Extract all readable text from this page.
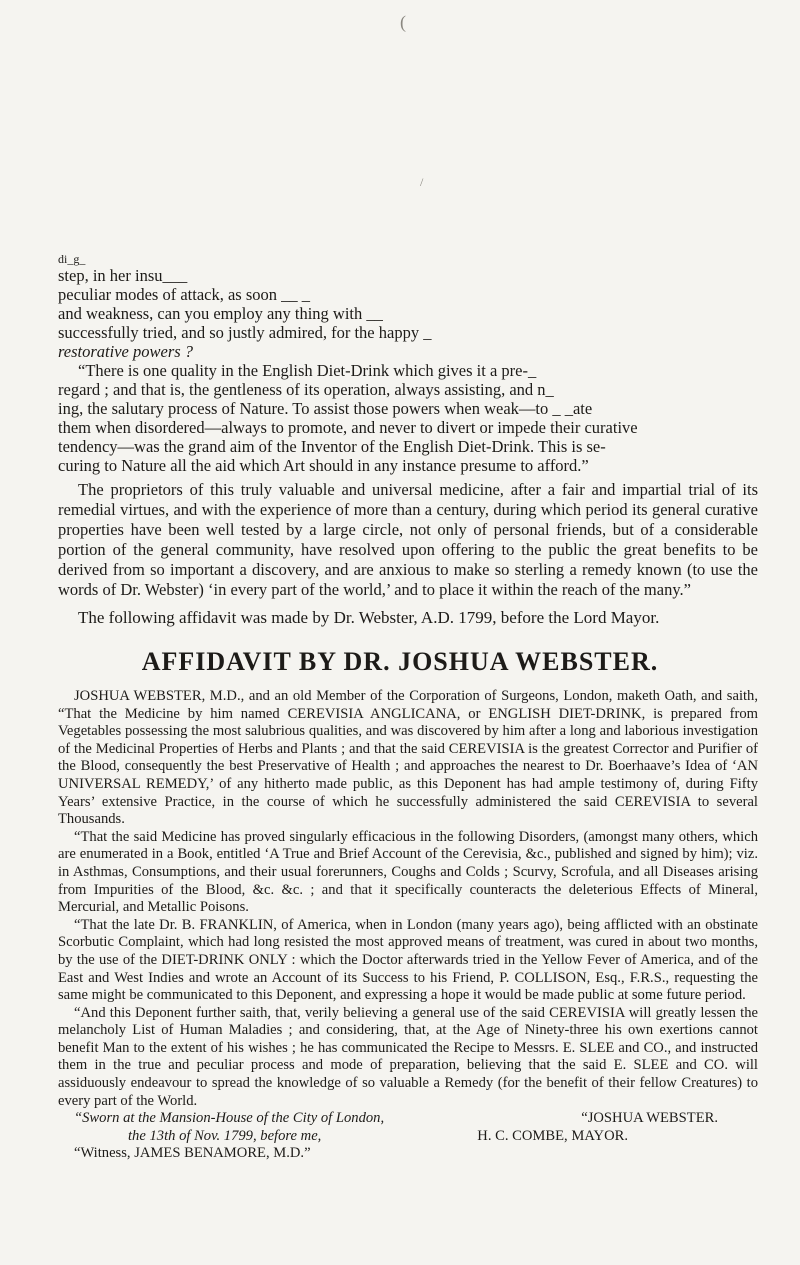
(
/

di_g_

step, in her insu___

peculiar modes of attack, as soon __ _

and weakness, can you employ any thing with __

successfully tried, and so justly admired, for the happy _

restorative powers ?

“There is one quality in the English Diet-Drink which gives it a pre-_

regard ; and that is, the gentleness of its operation, always assisting, and n_

ing, the salutary process of Nature. To assist those powers when weak—to _ _ate

them when disordered—always to promote, and never to divert or impede their curative

tendency—was the grand aim of the Inventor of the English Diet-Drink. This is se-

curing to Nature all the aid which Art should in any instance presume to afford.”

The proprietors of this truly valuable and universal medicine, after a fair and impartial trial of its remedial virtues, and with the experience of more than a century, during which period its general curative properties have been well tested by a large circle, not only of personal friends, but of a considerable portion of the general community, have resolved upon offering to the public the great benefits to be derived from so important a discovery, and are anxious to make so sterling a remedy known (to use the words of Dr. Webster) ‘in every part of the world,’ and to place it within the reach of the many.”

The following affidavit was made by Dr. Webster, A.D. 1799, before the Lord Mayor.
AFFIDAVIT BY DR. JOSHUA WEBSTER.

JOSHUA WEBSTER, M.D., and an old Member of the Corporation of Surgeons, London, maketh Oath, and saith, “That the Medicine by him named CEREVISIA ANGLICANA, or ENGLISH DIET-DRINK, is prepared from Vegetables possessing the most salubrious qualities, and was discovered by him after a long and laborious investigation of the Medicinal Properties of Herbs and Plants ; and that the said CEREVISIA is the greatest Corrector and Purifier of the Blood, consequently the best Preservative of Health ; and approaches the nearest to Dr. Boerhaave’s Idea of ‘AN UNIVERSAL REMEDY,’ of any hitherto made public, as this Deponent has had ample testimony of, during Fifty Years’ extensive Practice, in the course of which he successfully administered the said CEREVISIA to several Thousands.

“That the said Medicine has proved singularly efficacious in the following Disorders, (amongst many others, which are enumerated in a Book, entitled ‘A True and Brief Account of the Cerevisia, &c., published and signed by him); viz. in Asthmas, Consumptions, and their usual forerunners, Coughs and Colds ; Scurvy, Scrofula, and all Diseases arising from Impurities of the Blood, &c. &c. ; and that it specifically counteracts the deleterious Effects of Mineral, Mercurial, and Metallic Poisons.

“That the late Dr. B. FRANKLIN, of America, when in London (many years ago), being afflicted with an obstinate Scorbutic Complaint, which had long resisted the most approved means of treatment, was cured in about two months, by the use of the DIET-DRINK ONLY : which the Doctor afterwards tried in the Yellow Fever of America, and of the East and West Indies and wrote an Account of its Success to his Friend, P. COLLISON, Esq., F.R.S., requesting the same might be communicated to this Deponent, and expressing a hope it would be made public at some future period.

“And this Deponent further saith, that, verily believing a general use of the said CEREVISIA will greatly lessen the melancholy List of Human Maladies ; and considering, that, at the Age of Ninety-three his own exertions cannot benefit Man to the extent of his wishes ; he has communicated the Recipe to Messrs. E. SLEE and CO., and instructed them in the true and peculiar process and mode of preparation, believing that the said E. SLEE and CO. will assiduously endeavour to spread the knowledge of so valuable a Remedy (for the benefit of their fellow Creatures) to every part of the World.

“Sworn at the Mansion-House of the City of London,	“JOSHUA WEBSTER.
the 13th of Nov. 1799, before me,	H. C. COMBE, MAYOR.
“Witness, JAMES BENAMORE, M.D.”
